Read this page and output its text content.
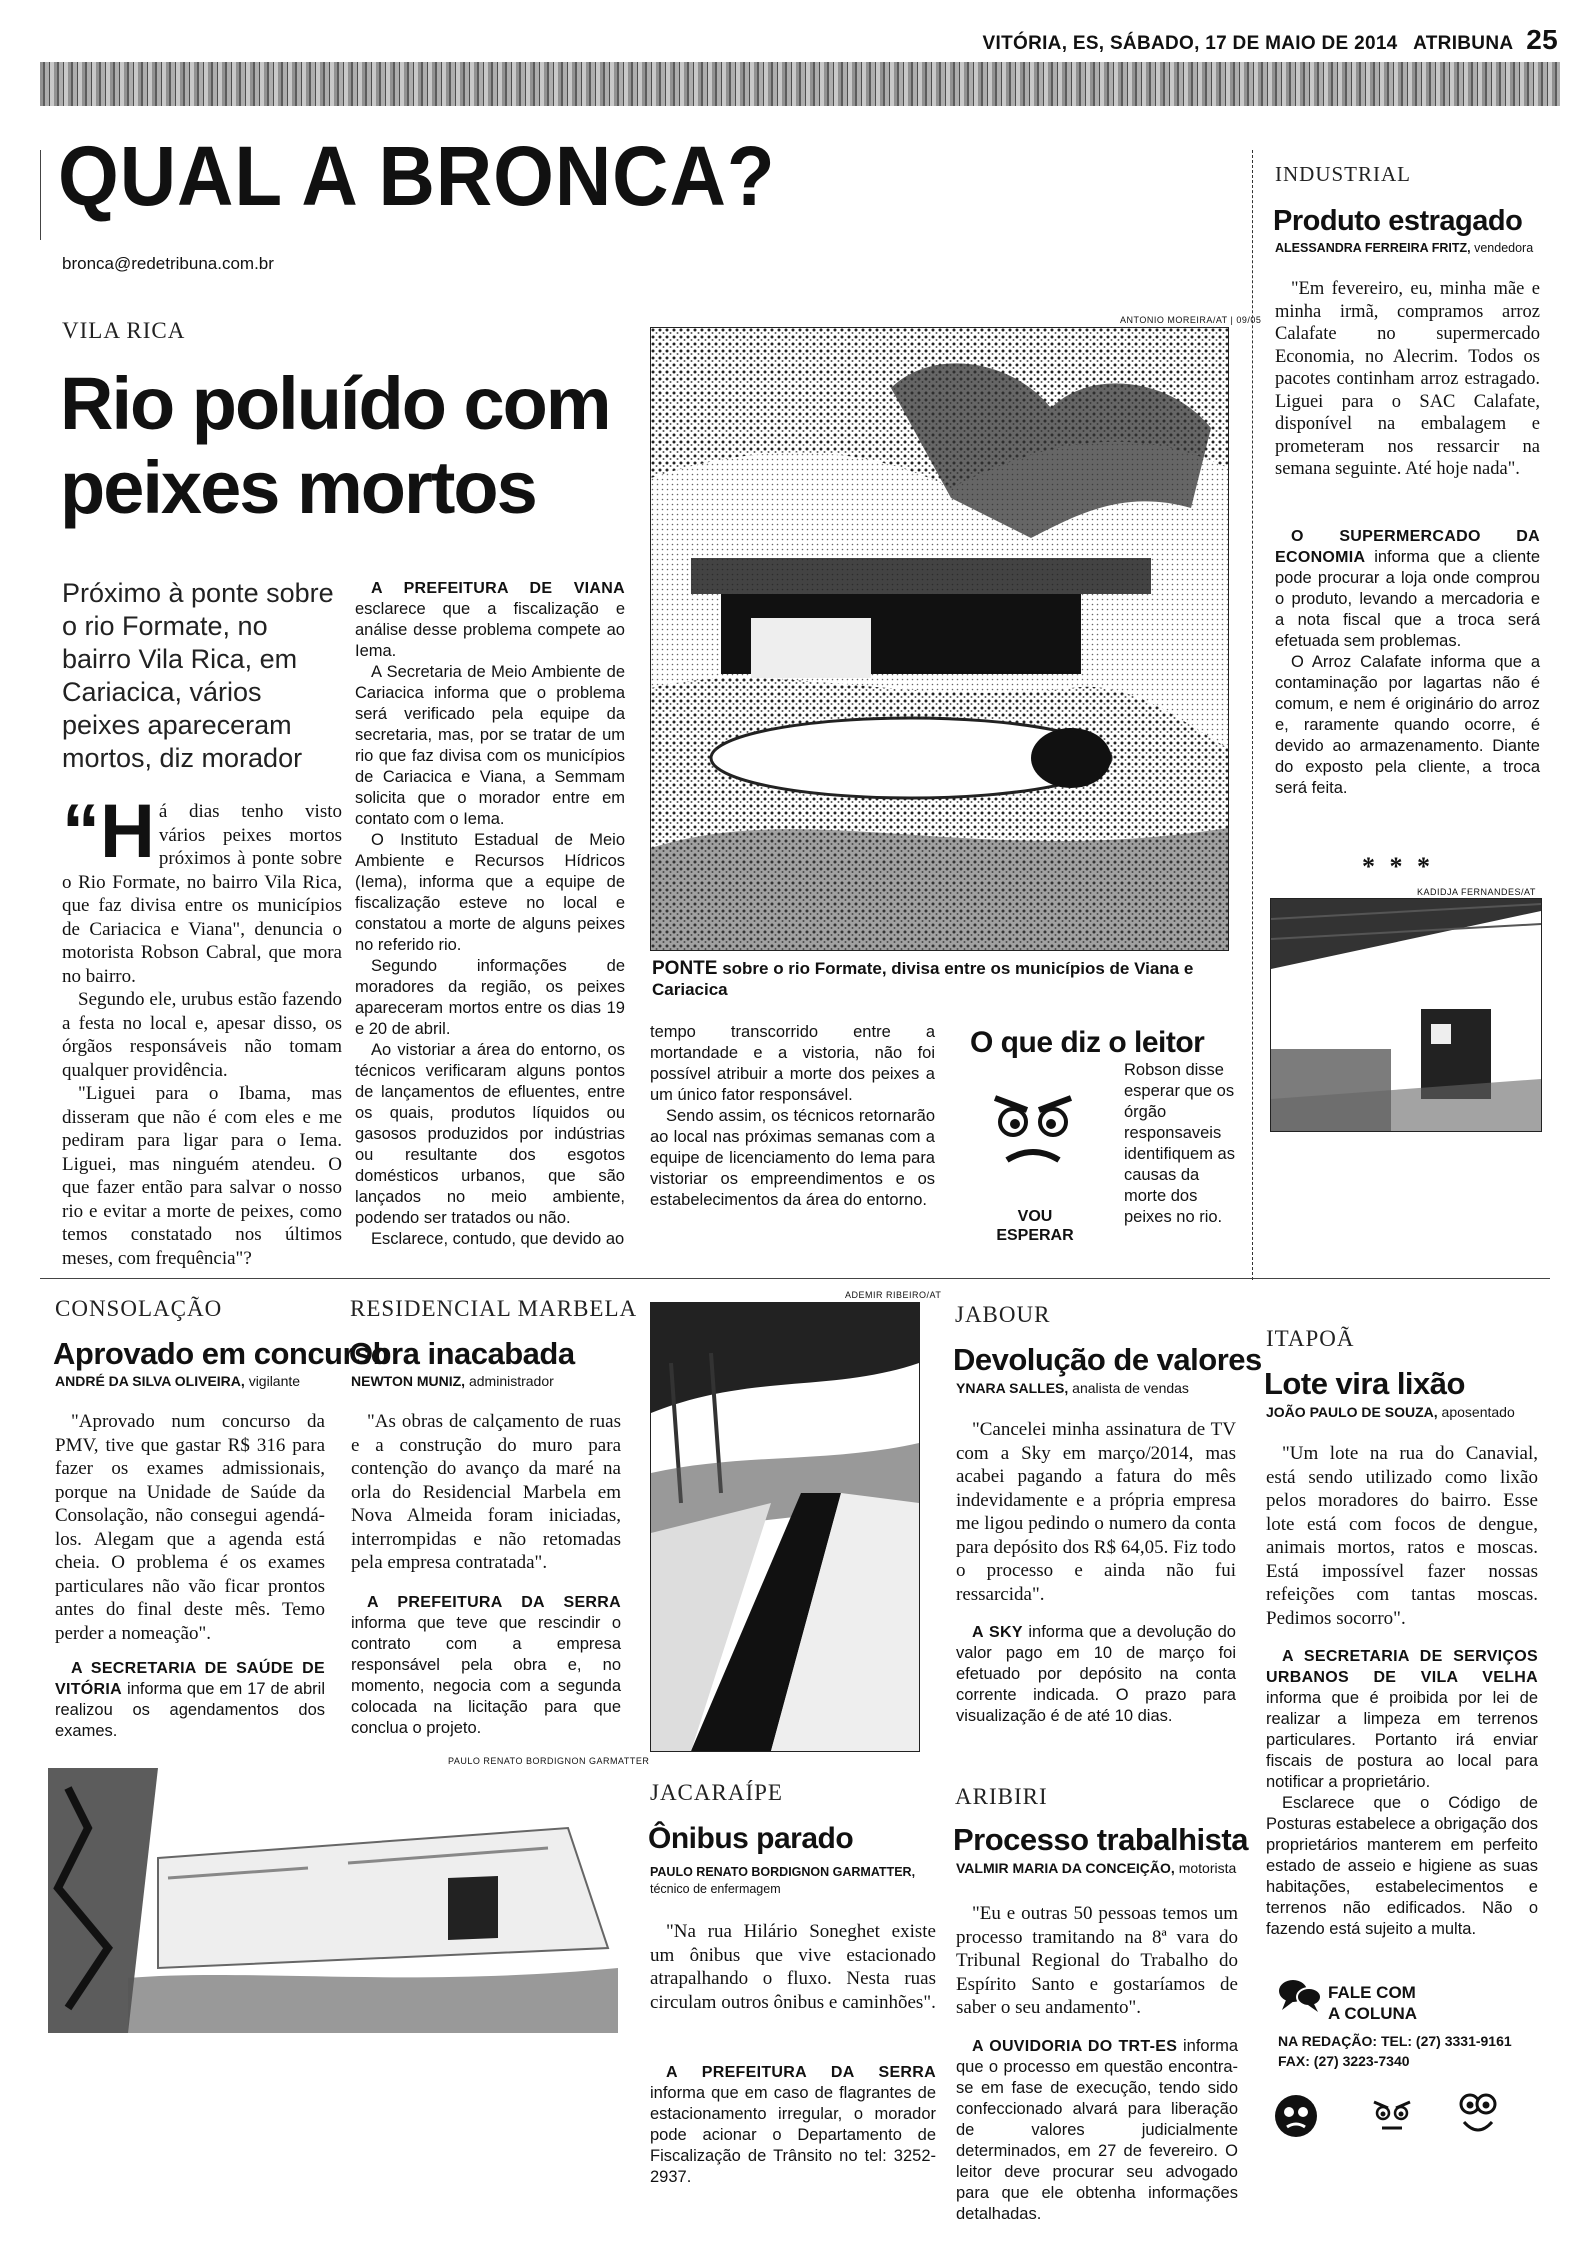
VITÓRIA, ES, SÁBADO, 17 DE MAIO DE 2014 ATRIBUNA 25
QUAL A BRONCA?
bronca@redetribuna.com.br
VILA RICA
Rio poluído com peixes mortos
Próximo à ponte sobre o rio Formate, no bairro Vila Rica, em Cariacica, vários peixes apareceram mortos, diz morador

“H á dias tenho visto vários peixes mortos próximos à ponte sobre o Rio Formate, no bairro Vila Rica, que faz divisa entre os municípios de Cariacica e Viana", denuncia o motorista Robson Cabral, que mora no bairro.

Segundo ele, urubus estão fazendo a festa no local e, apesar disso, os órgãos responsáveis não tomam qualquer providência.

"Liguei para o Ibama, mas disseram que não é com eles e me pediram para ligar para o Iema. Liguei, mas ninguém atendeu. O que fazer então para salvar o nosso rio e evitar a morte de peixes, como temos constatado nos últimos meses, com frequência"?

A PREFEITURA DE VIANA esclarece que a fiscalização e análise desse problema compete ao Iema.

A Secretaria de Meio Ambiente de Cariacica informa que o problema será verificado pela equipe da secretaria, mas, por se tratar de um rio que faz divisa com os municípios de Cariacica e Viana, a Semmam solicita que o morador entre em contato com o Iema.

O Instituto Estadual de Meio Ambiente e Recursos Hídricos (Iema), informa que a equipe de fiscalização esteve no local e constatou a morte de alguns peixes no referido rio.

Segundo informações de moradores da região, os peixes apareceram mortos entre os dias 19 e 20 de abril.

Ao vistoriar a área do entorno, os técnicos verificaram alguns pontos de lançamentos de efluentes, entre os quais, produtos líquidos ou gasosos produzidos por indústrias ou resultante dos esgotos domésticos urbanos, que são lançados no meio ambiente, podendo ser tratados ou não.

Esclarece, contudo, que devido ao

ANTONIO MOREIRA/AT | 09/05
PONTE sobre o rio Formate, divisa entre os municípios de Viana e Cariacica

tempo transcorrido entre a mortandade e a vistoria, não foi possível atribuir a morte dos peixes a um único fator responsável.

Sendo assim, os técnicos retornarão ao local nas próximas semanas com a equipe de licenciamento do Iema para vistoriar os empreendimentos e os estabelecimentos da área do entorno.

O que diz o leitor
VOU ESPERAR
Robson disse esperar que os órgão responsaveis identifiquem as causas da morte dos peixes no rio.
INDUSTRIAL
Produto estragado
ALESSANDRA FERREIRA FRITZ, vendedora
"Em fevereiro, eu, minha mãe e minha irmã, compramos arroz Calafate no supermercado Economia, no Alecrim. Todos os pacotes continham arroz estragado. Liguei para o SAC Calafate, disponível na embalagem e prometeram nos ressarcir na semana seguinte. Até hoje nada".

O SUPERMERCADO DA ECONOMIA informa que a cliente pode procurar a loja onde comprou o produto, levando a mercadoria e a nota fiscal que a troca será efetuada sem problemas.

O Arroz Calafate informa que a contaminação por lagartas não é comum, e nem é originário do arroz e, raramente quando ocorre, é devido ao armazenamento. Diante do exposto pela cliente, a troca será feita.

* * *
KADIDJA FERNANDES/AT
CONSOLAÇÃO
Aprovado em concurso
ANDRÉ DA SILVA OLIVEIRA, vigilante
"Aprovado num concurso da PMV, tive que gastar R$ 316 para fazer os exames admissionais, porque na Unidade de Saúde da Consolação, não consegui agendá-los. Alegam que a agenda está cheia. O problema é os exames particulares não vão ficar prontos antes do final deste mês. Temo perder a nomeação".
A SECRETARIA DE SAÚDE DE VITÓRIA informa que em 17 de abril realizou os agendamentos dos exames.
RESIDENCIAL MARBELA
Obra inacabada
NEWTON MUNIZ, administrador
"As obras de calçamento de ruas e a construção do muro para contenção do avanço da maré na orla do Residencial Marbela em Nova Almeida foram iniciadas, interrompidas e não retomadas pela empresa contratada".
A PREFEITURA DA SERRA informa que teve que rescindir o contrato com a empresa responsável pela obra e, no momento, negocia com a segunda colocada na licitação para que conclua o projeto.
ADEMIR RIBEIRO/AT
JABOUR
Devolução de valores
YNARA SALLES, analista de vendas
"Cancelei minha assinatura de TV com a Sky em março/2014, mas acabei pagando a fatura do mês indevidamente e a própria empresa me ligou pedindo o numero da conta para depósito dos R$ 64,05. Fiz todo o processo e ainda não fui ressarcida".
A SKY informa que a devolução do valor pago em 10 de março foi efetuado por depósito na conta corrente indicada. O prazo para visualização é de até 10 dias.
ITAPOÃ
Lote vira lixão
JOÃO PAULO DE SOUZA, aposentado
"Um lote na rua do Canavial, está sendo utilizado como lixão pelos moradores do bairro. Esse lote está com focos de dengue, animais mortos, ratos e moscas. Está impossível fazer nossas refeições com tantas moscas. Pedimos socorro".

A SECRETARIA DE SERVIÇOS URBANOS DE VILA VELHA informa que é proibida por lei de realizar a limpeza em terrenos particulares. Portanto irá enviar fiscais de postura ao local para notificar a proprietário.

Esclarece que o Código de Posturas estabelece a obrigação dos proprietários manterem em perfeito estado de asseio e higiene as suas habitações, estabelecimentos e terrenos não edificados. Não o fazendo está sujeito a multa.

FALE COM
A COLUNA
NA REDAÇÃO: TEL: (27) 3331-9161
FAX: (27) 3223-7340
PAULO RENATO BORDIGNON GARMATTER
JACARAÍPE
Ônibus parado
PAULO RENATO BORDIGNON GARMATTER, técnico de enfermagem
"Na rua Hilário Soneghet existe um ônibus que vive estacionado atrapalhando o fluxo. Nesta ruas circulam outros ônibus e caminhões".
A PREFEITURA DA SERRA informa que em caso de flagrantes de estacionamento irregular, o morador pode acionar o Departamento de Fiscalização de Trânsito no tel: 3252-2937.
ARIBIRI
Processo trabalhista
VALMIR MARIA DA CONCEIÇÃO, motorista
"Eu e outras 50 pessoas temos um processo tramitando na 8ª vara do Tribunal Regional do Trabalho do Espírito Santo e gostaríamos de saber o seu andamento".
A OUVIDORIA DO TRT-ES informa que o processo em questão encontra-se em fase de execução, tendo sido confeccionado alvará para liberação de valores judicialmente determinados, em 27 de fevereiro. O leitor deve procurar seu advogado para que ele obtenha informações detalhadas.
